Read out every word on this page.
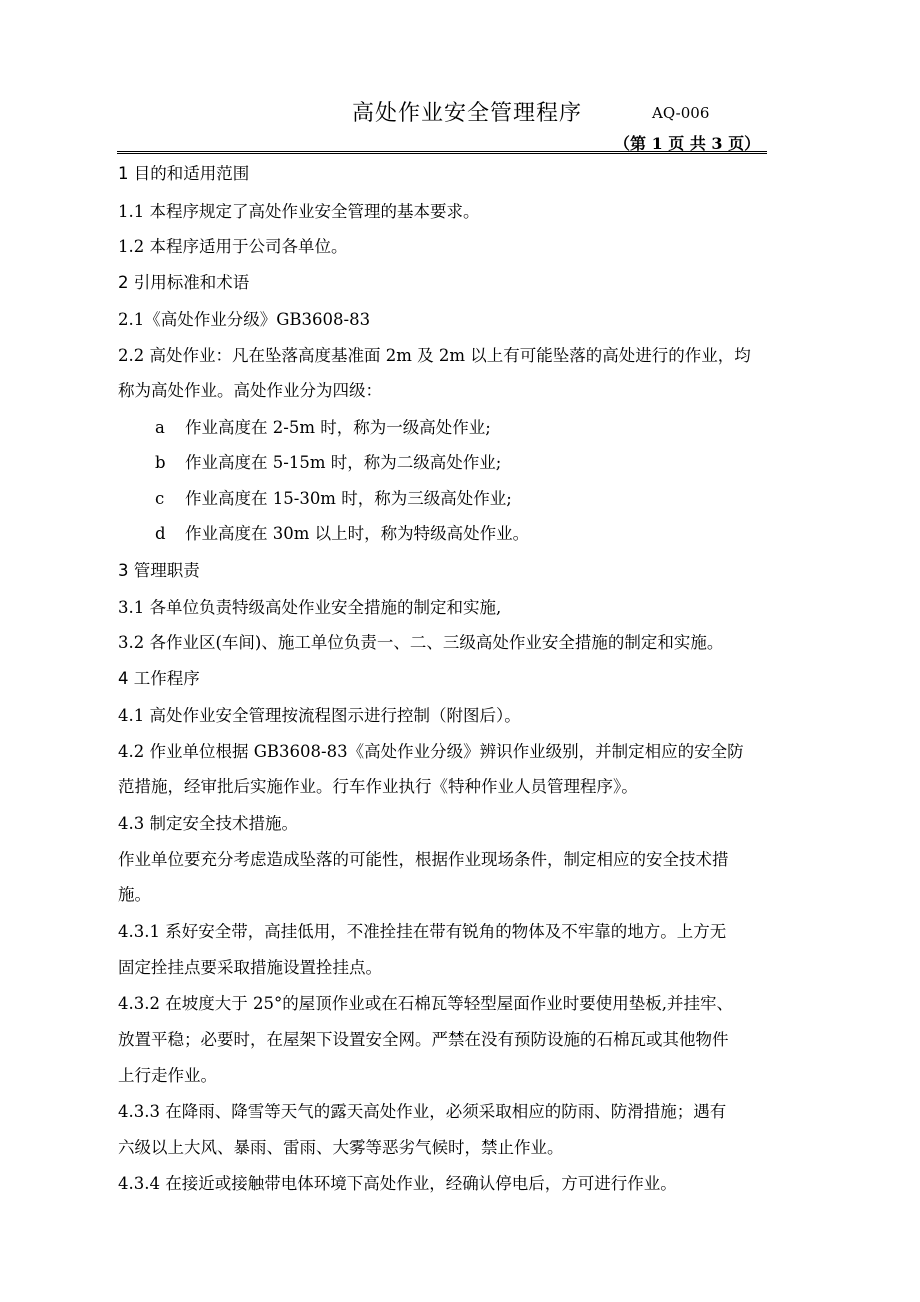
高处作业安全管理程序	AQ-006
（第 1 页 共 3 页）
1 目的和适用范围
1.1 本程序规定了高处作业安全管理的基本要求。
1.2 本程序适用于公司各单位。
2 引用标准和术语
2.1《高处作业分级》GB3608-83
2.2 高处作业：凡在坠落高度基准面 2m 及 2m 以上有可能坠落的高处进行的作业，均
称为高处作业。高处作业分为四级：
a 作业高度在 2-5m 时，称为一级高处作业;
b 作业高度在 5-15m 时，称为二级高处作业;
c 作业高度在 15-30m 时，称为三级高处作业;
d 作业高度在 30m 以上时，称为特级高处作业。
3 管理职责
3.1 各单位负责特级高处作业安全措施的制定和实施,
3.2 各作业区(车间)、施工单位负责一、二、三级高处作业安全措施的制定和实施。
4 工作程序
4.1 高处作业安全管理按流程图示进行控制（附图后）。
4.2 作业单位根据 GB3608-83《高处作业分级》辨识作业级别，并制定相应的安全防
范措施，经审批后实施作业。行车作业执行《特种作业人员管理程序》。
4.3 制定安全技术措施。
作业单位要充分考虑造成坠落的可能性，根据作业现场条件，制定相应的安全技术措
施。
4.3.1 系好安全带，高挂低用，不准拴挂在带有锐角的物体及不牢靠的地方。上方无
固定拴挂点要采取措施设置拴挂点。
4.3.2 在坡度大于 25°的屋顶作业或在石棉瓦等轻型屋面作业时要使用垫板,并挂牢、
放置平稳；必要时，在屋架下设置安全网。严禁在没有预防设施的石棉瓦或其他物件
上行走作业。
4.3.3 在降雨、降雪等天气的露天高处作业，必须采取相应的防雨、防滑措施；遇有
六级以上大风、暴雨、雷雨、大雾等恶劣气候时，禁止作业。
4.3.4 在接近或接触带电体环境下高处作业，经确认停电后，方可进行作业。
